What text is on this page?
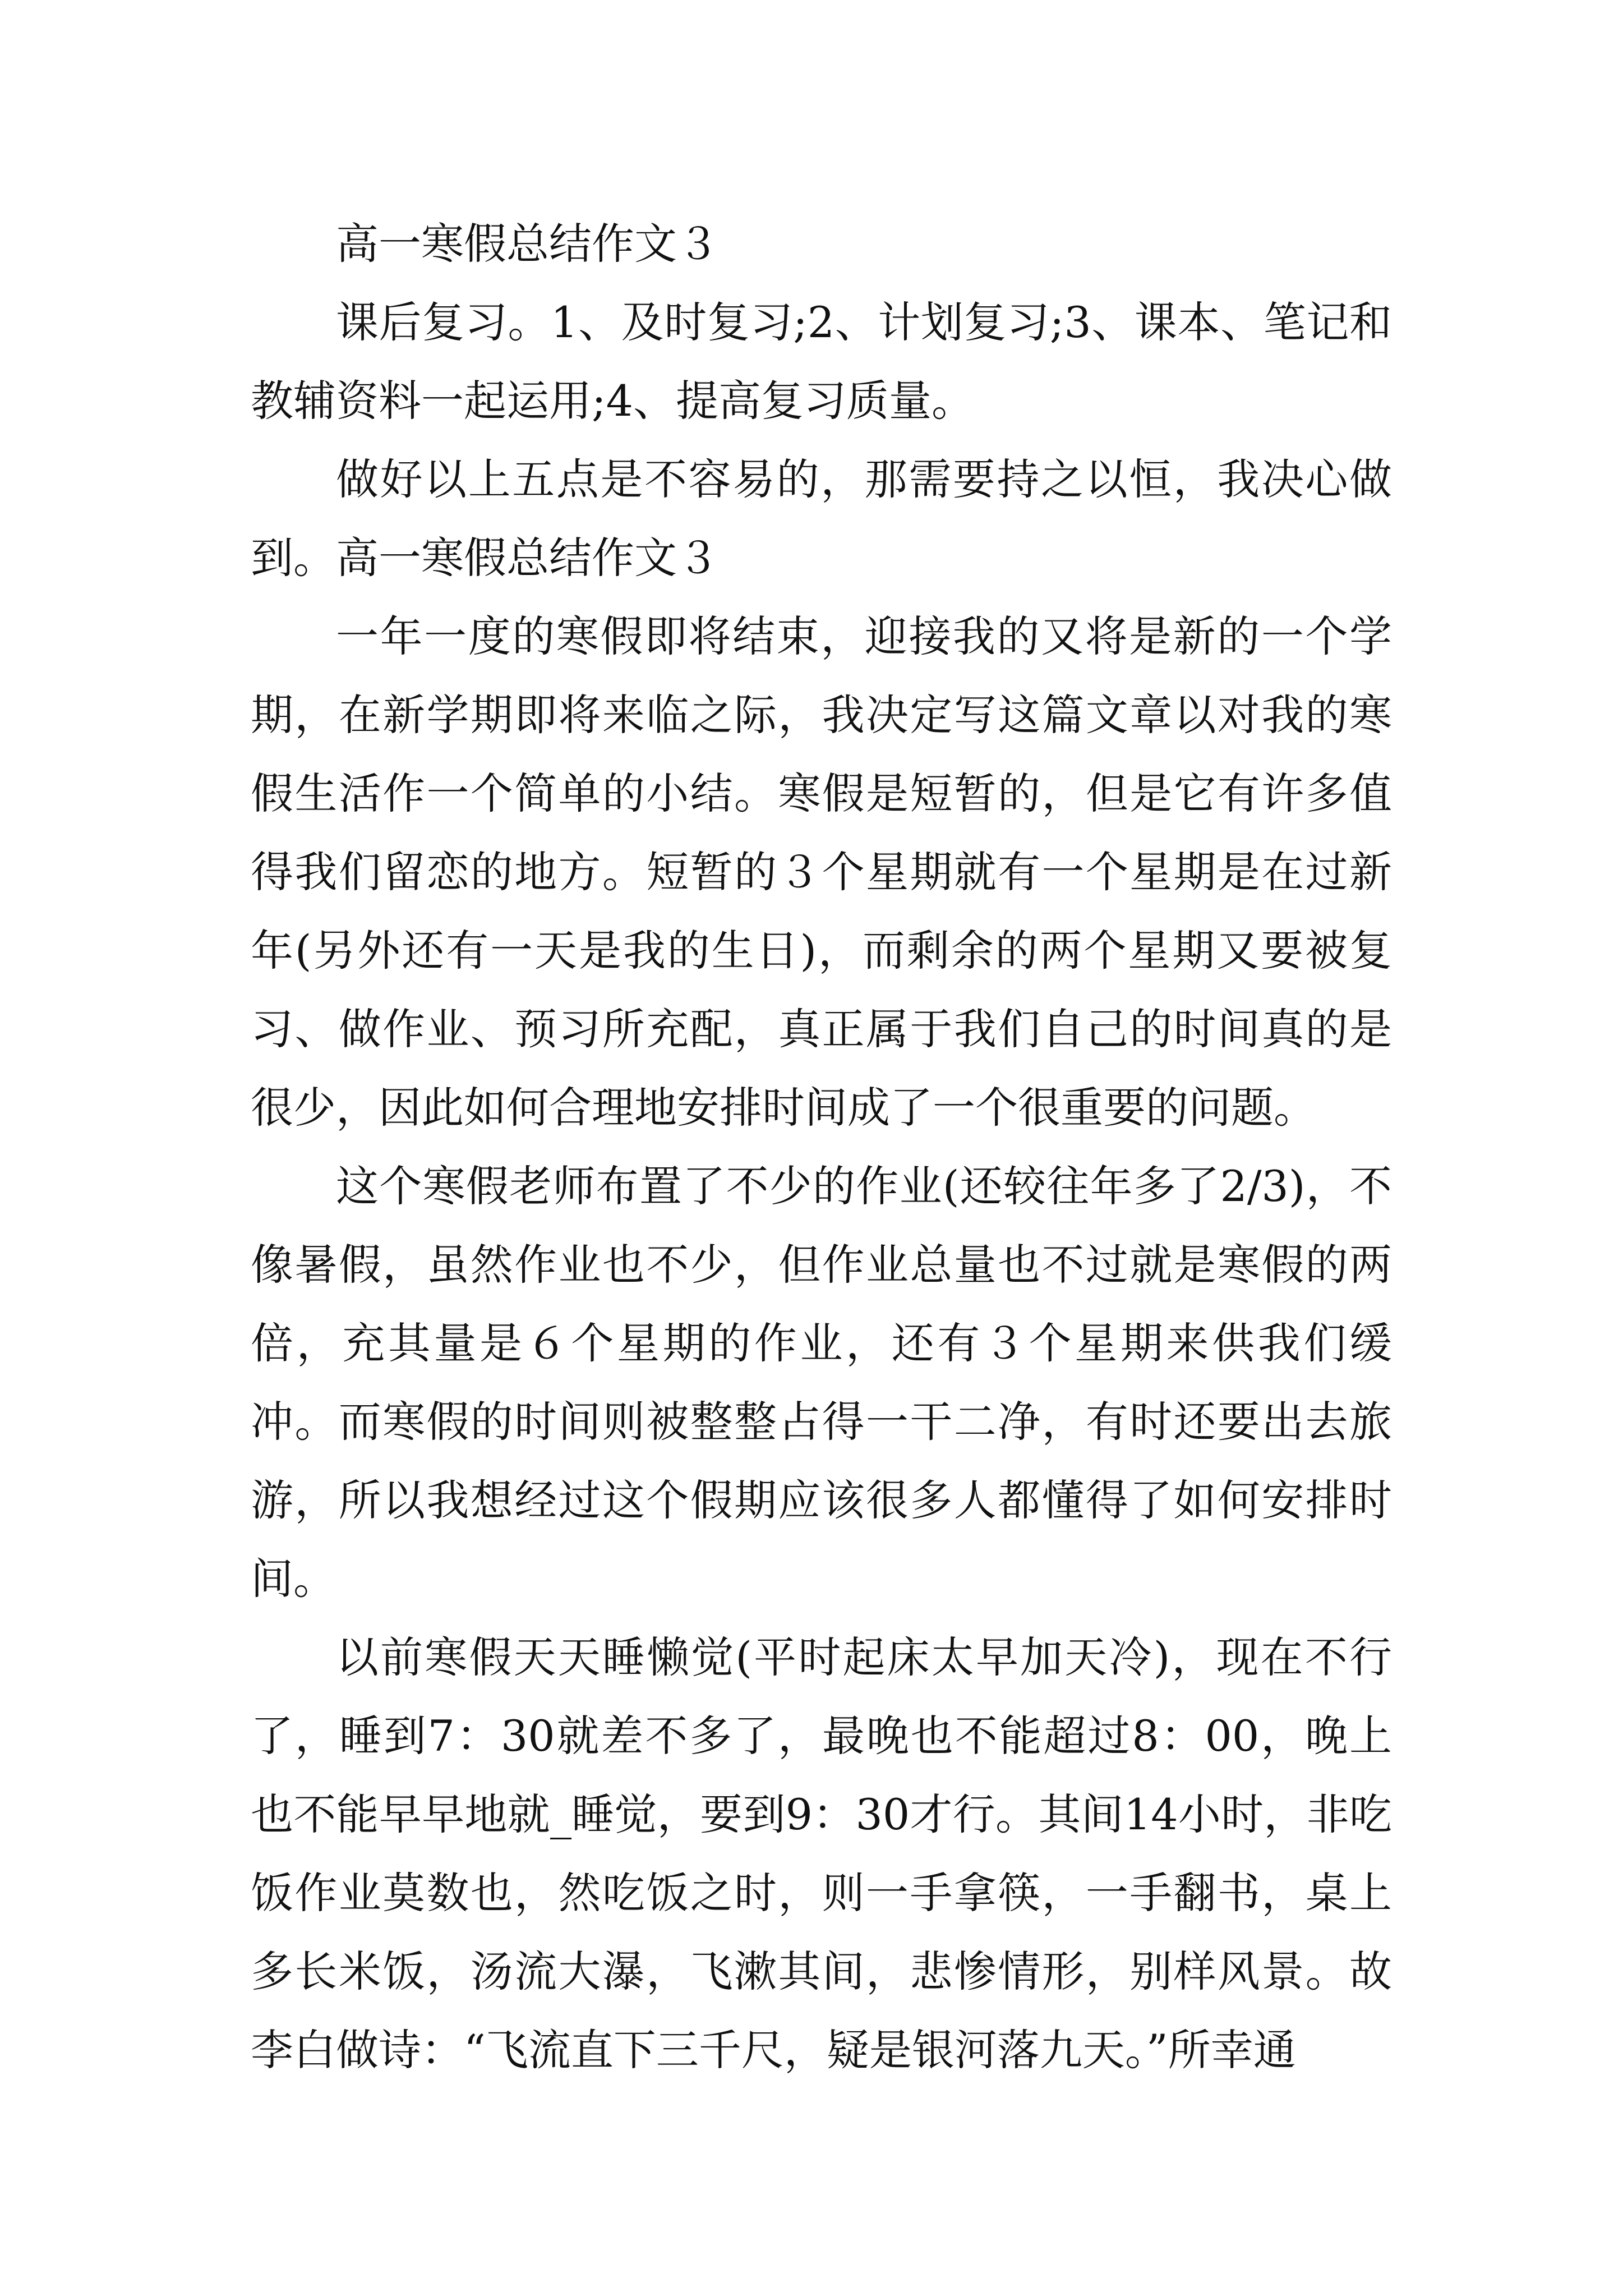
高一寒假总结作文３

课后复习。1、及时复习;2、计划复习;3、课本、笔记和教辅资料一起运用;4、提高复习质量。

做好以上五点是不容易的，那需要持之以恒，我决心做到。高一寒假总结作文３

一年一度的寒假即将结束，迎接我的又将是新的一个学期，在新学期即将来临之际，我决定写这篇文章以对我的寒假生活作一个简单的小结。寒假是短暂的，但是它有许多值得我们留恋的地方。短暂的３个星期就有一个星期是在过新年(另外还有一天是我的生日)，而剩余的两个星期又要被复习、做作业、预习所充配，真正属于我们自己的时间真的是很少，因此如何合理地安排时间成了一个很重要的问题。

这个寒假老师布置了不少的作业(还较往年多了2/3)，不像暑假，虽然作业也不少，但作业总量也不过就是寒假的两倍，充其量是６个星期的作业，还有３个星期来供我们缓冲。而寒假的时间则被整整占得一干二净，有时还要出去旅游，所以我想经过这个假期应该很多人都懂得了如何安排时间。

以前寒假天天睡懒觉(平时起床太早加天冷)，现在不行了，睡到7：30就差不多了，最晚也不能超过8：00，晚上也不能早早地就_睡觉，要到9：30才行。其间14小时，非吃饭作业莫数也，然吃饭之时，则一手拿筷，一手翻书，桌上多长米饭，汤流大瀑，飞漱其间，悲惨情形，别样风景。故李白做诗：“飞流直下三千尺，疑是银河落九天。”所幸通
